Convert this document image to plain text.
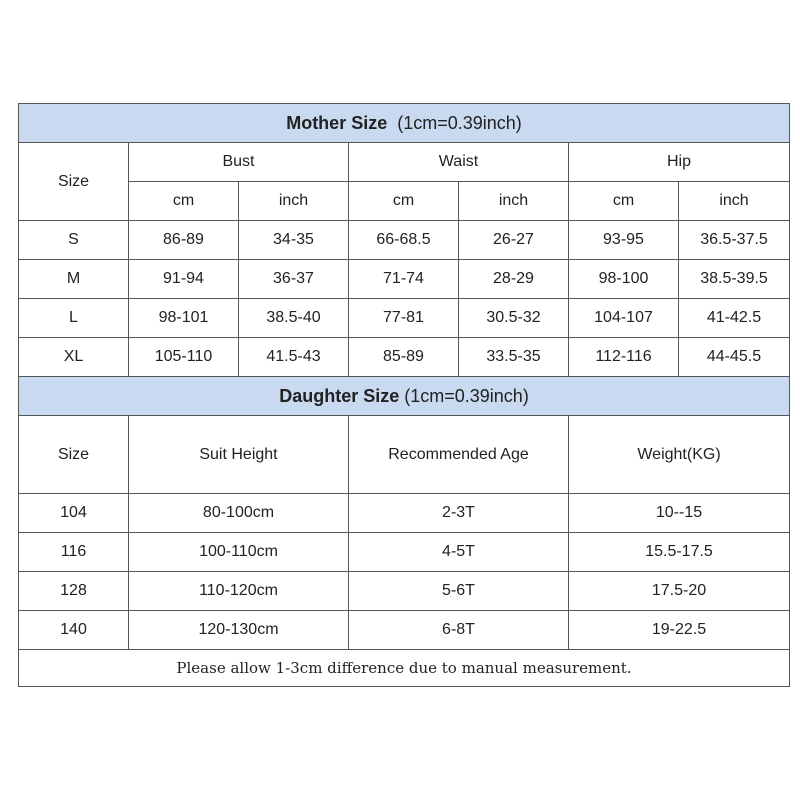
Mother Size (1cm=0.39inch)						
Size	Bust		Waist		Hip	
	cm	inch	cm	inch	cm	inch
S	86-89	34-35	66-68.5	26-27	93-95	36.5-37.5
M	91-94	36-37	71-74	28-29	98-100	38.5-39.5
L	98-101	38.5-40	77-81	30.5-32	104-107	41-42.5
XL	105-110	41.5-43	85-89	33.5-35	112-116	44-45.5
Daughter Size (1cm=0.39inch)						
Size	Suit Height		Recommended Age		Weight(KG)	
104	80-100cm		2-3T		10--15	
116	100-110cm		4-5T		15.5-17.5	
128	110-120cm		5-6T		17.5-20	
140	120-130cm		6-8T		19-22.5	
Please allow 1-3cm difference due to manual measurement.						
